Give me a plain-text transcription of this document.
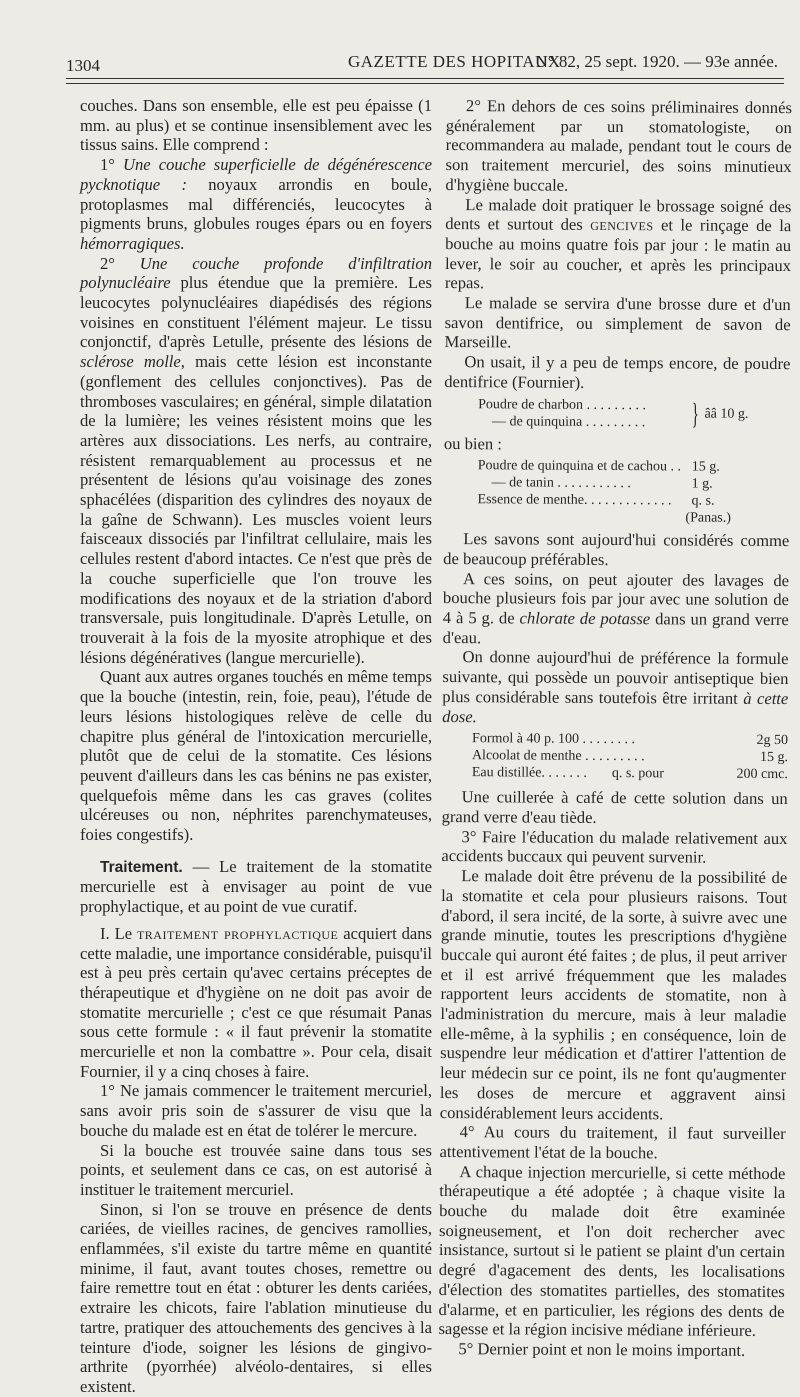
1304	GAZETTE DES HOPITAUX
N° 82, 25 sept. 1920. — 93e année.

couches. Dans son ensemble, elle est peu épaisse (1 mm. au plus) et se continue insensiblement avec les tissus sains. Elle comprend :

1° Une couche superficielle de dégénérescence pycknotique : noyaux arrondis en boule, protoplasmes mal différenciés, leucocytes à pigments bruns, globules rouges épars ou en foyers hémorragiques.

2° Une couche profonde d'infiltration polynucléaire plus étendue que la première. Les leucocytes polynucléaires diapédisés des régions voisines en constituent l'élément majeur. Le tissu conjonctif, d'après Letulle, présente des lésions de sclérose molle, mais cette lésion est inconstante (gonflement des cellules conjonctives). Pas de thromboses vasculaires; en général, simple dilatation de la lumière; les veines résistent moins que les artères aux dissociations. Les nerfs, au contraire, résistent remarquablement au processus et ne présentent de lésions qu'au voisinage des zones sphacélées (disparition des cylindres des noyaux de la gaîne de Schwann). Les muscles voient leurs faisceaux dissociés par l'infiltrat cellulaire, mais les cellules restent d'abord intactes. Ce n'est que près de la couche superficielle que l'on trouve les modifications des noyaux et de la striation d'abord transversale, puis longitudinale. D'après Letulle, on trouverait à la fois de la myosite atrophique et des lésions dégénératives (langue mercurielle).

Quant aux autres organes touchés en même temps que la bouche (intestin, rein, foie, peau), l'étude de leurs lésions histologiques relève de celle du chapitre plus général de l'intoxication mercurielle, plutôt que de celui de la stomatite. Ces lésions peuvent d'ailleurs dans les cas bénins ne pas exister, quelquefois même dans les cas graves (colites ulcéreuses ou non, néphrites parenchymateuses, foies congestifs).

Traitement. — Le traitement de la stomatite mercurielle est à envisager au point de vue prophylactique, et au point de vue curatif.

I. Le traitement prophylactique acquiert dans cette maladie, une importance considérable, puisqu'il est à peu près certain qu'avec certains préceptes de thérapeutique et d'hygiène on ne doit pas avoir de stomatite mercurielle ; c'est ce que résumait Panas sous cette formule : « il faut prévenir la stomatite mercurielle et non la combattre ». Pour cela, disait Fournier, il y a cinq choses à faire.

1° Ne jamais commencer le traitement mercuriel, sans avoir pris soin de s'assurer de visu que la bouche du malade est en état de tolérer le mercure.

Si la bouche est trouvée saine dans tous ses points, et seulement dans ce cas, on est autorisé à instituer le traitement mercuriel.

Sinon, si l'on se trouve en présence de dents cariées, de vieilles racines, de gencives ramollies, enflammées, s'il existe du tartre même en quantité minime, il faut, avant toutes choses, remettre ou faire remettre tout en état : obturer les dents cariées, extraire les chicots, faire l'ablation minutieuse du tartre, pratiquer des attouchements des gencives à la teinture d'iode, soigner les lésions de gingivo-arthrite (pyorrhée) alvéolo-dentaires, si elles existent.

2° En dehors de ces soins préliminaires donnés généralement par un stomatologiste, on recommandera au malade, pendant tout le cours de son traitement mercuriel, des soins minutieux d'hygiène buccale.

Le malade doit pratiquer le brossage soigné des dents et surtout des gencives et le rinçage de la bouche au moins quatre fois par jour : le matin au lever, le soir au coucher, et après les principaux repas.

Le malade se servira d'une brosse dure et d'un savon dentifrice, ou simplement de savon de Marseille.

On usait, il y a peu de temps encore, de poudre dentifrice (Fournier).

Poudre de charbon . . . . . . . . .
— de quinquina . . . . . . . . .	} ââ 10 g.

ou bien :

Poudre de quinquina et de cachou . . 15 g.
— de tanin . . . . . . . . . . .	1 g.
Essence de menthe. . . . . . . . . . . . .	q. s.
(Panas.)

Les savons sont aujourd'hui considérés comme de beaucoup préférables.

A ces soins, on peut ajouter des lavages de bouche plusieurs fois par jour avec une solution de 4 à 5 g. de chlorate de potasse dans un grand verre d'eau.

On donne aujourd'hui de préférence la formule suivante, qui possède un pouvoir antiseptique bien plus considérable sans toutefois être irritant à cette dose.

Formol à 40 p. 100 . . . . . . . .	2g 50
Alcoolat de menthe . . . . . . . . .	15 g.
Eau distillée. . . . . . .	q. s. pour	200 cmc.

Une cuillerée à café de cette solution dans un grand verre d'eau tiède.

3° Faire l'éducation du malade relativement aux accidents buccaux qui peuvent survenir.

Le malade doit être prévenu de la possibilité de la stomatite et cela pour plusieurs raisons. Tout d'abord, il sera incité, de la sorte, à suivre avec une grande minutie, toutes les prescriptions d'hygiène buccale qui auront été faites ; de plus, il peut arriver et il est arrivé fréquemment que les malades rapportent leurs accidents de stomatite, non à l'administration du mercure, mais à leur maladie elle-même, à la syphilis ; en conséquence, loin de suspendre leur médication et d'attirer l'attention de leur médecin sur ce point, ils ne font qu'augmenter les doses de mercure et aggravent ainsi considérablement leurs accidents.

4° Au cours du traitement, il faut surveiller attentivement l'état de la bouche.

A chaque injection mercurielle, si cette méthode thérapeutique a été adoptée ; à chaque visite la bouche du malade doit être examinée soigneusement, et l'on doit rechercher avec insistance, surtout si le patient se plaint d'un certain degré d'agacement des dents, les localisations d'élection des stomatites partielles, des stomatites d'alarme, et en particulier, les régions des dents de sagesse et la région incisive médiane inférieure.

5° Dernier point et non le moins important.
